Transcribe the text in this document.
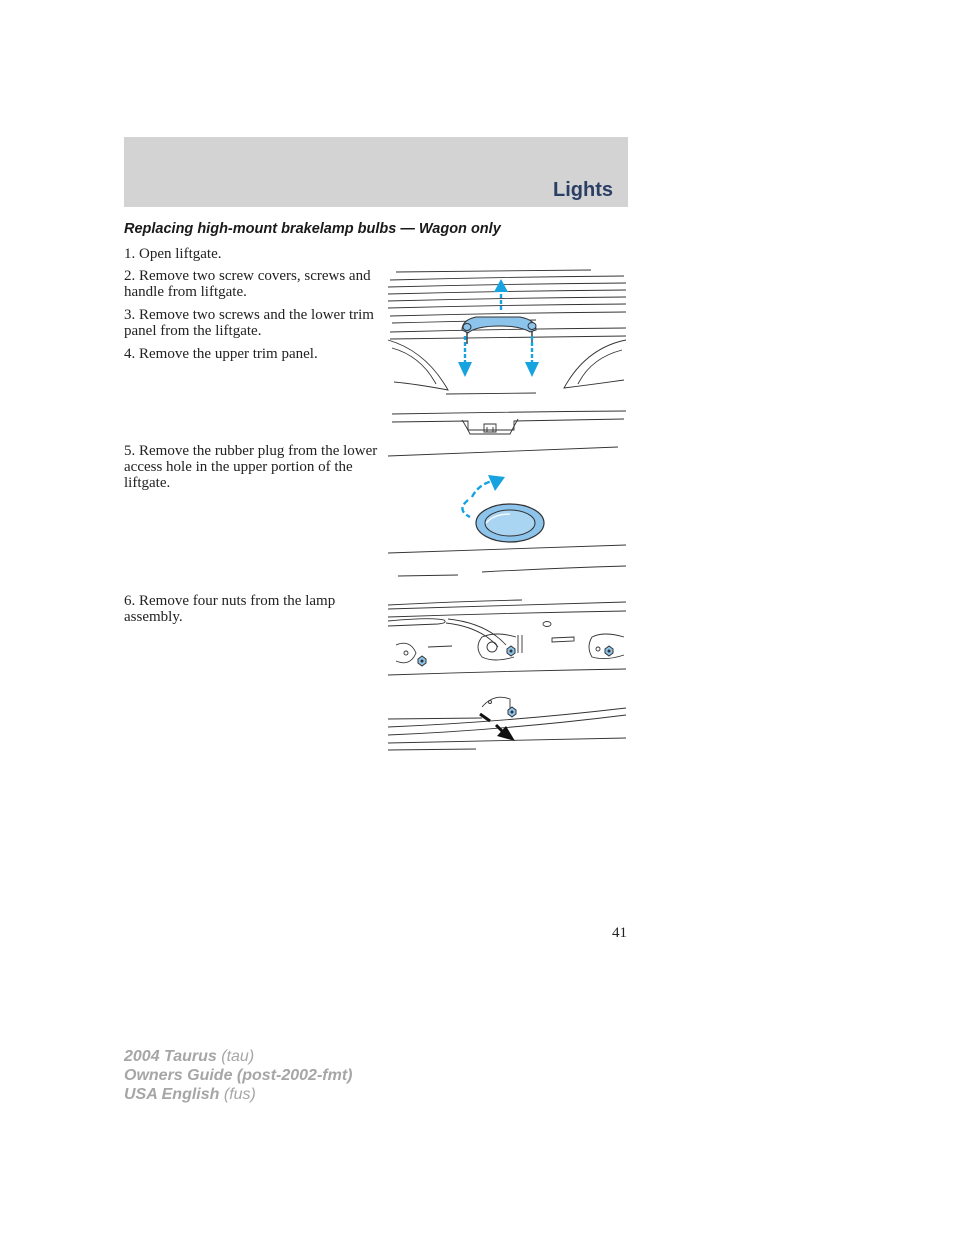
Lights
Replacing high-mount brakelamp bulbs — Wagon only
1. Open liftgate.
2. Remove two screw covers, screws and handle from liftgate.
3. Remove two screws and the lower trim panel from the liftgate.
4. Remove the upper trim panel.
5. Remove the rubber plug from the lower access hole in the upper portion of the liftgate.
6. Remove four nuts from the lamp assembly.
41
2004 Taurus (tau)
Owners Guide (post-2002-fmt)
USA English (fus)
